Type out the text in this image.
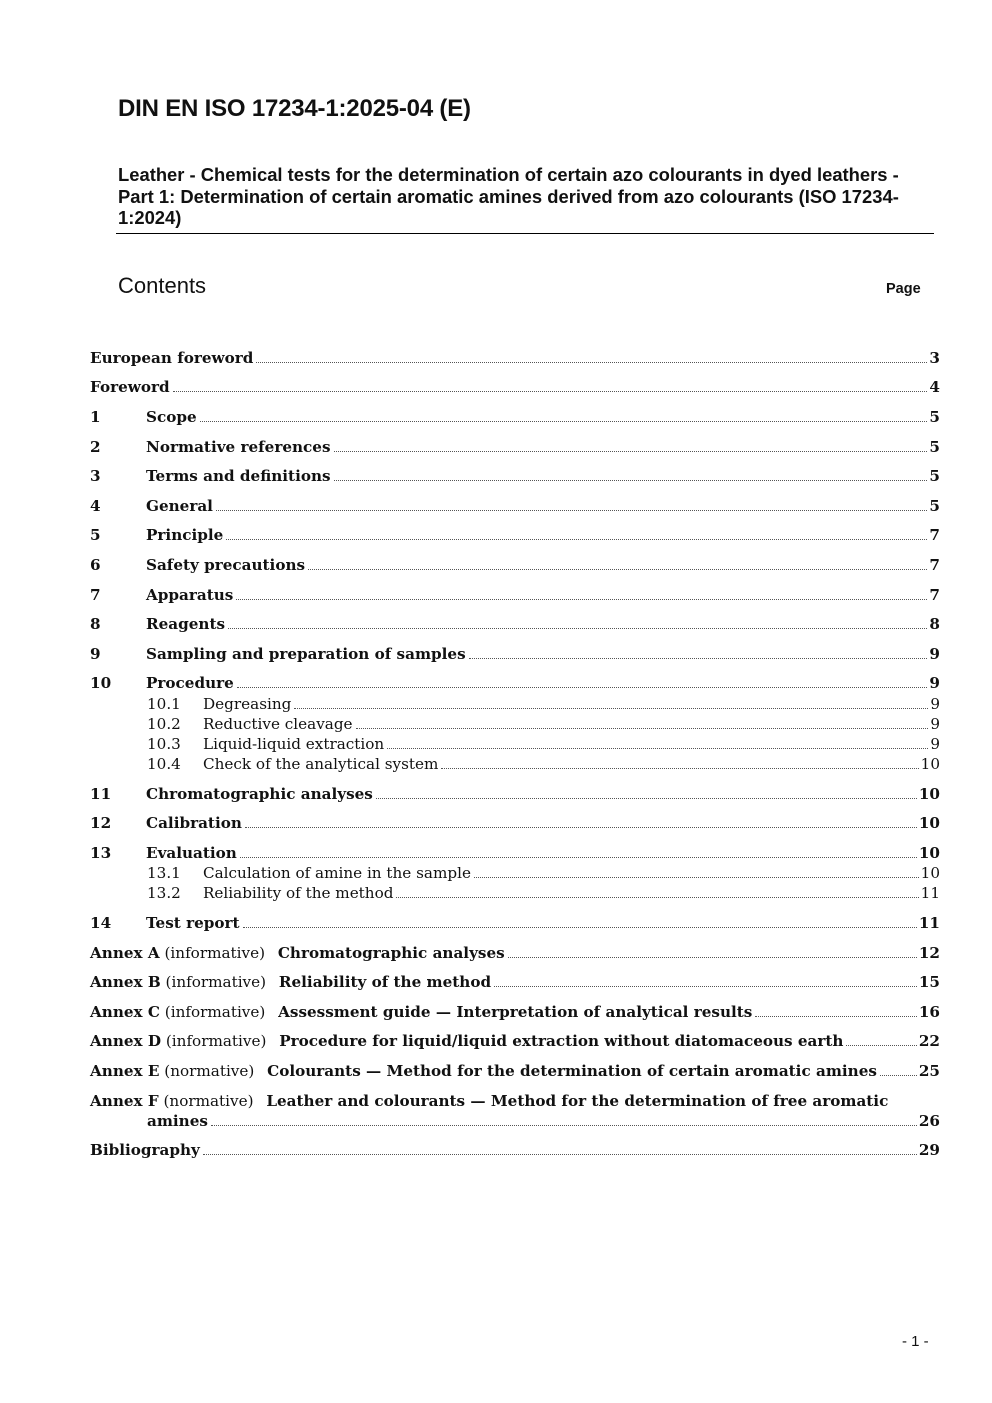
DIN EN ISO 17234-1:2025-04 (E)
Leather - Chemical tests for the determination of certain azo colourants in dyed leathers - Part 1: Determination of certain aromatic amines derived from azo colourants (ISO 17234-1:2024)
Contents	Page
European foreword	3
Foreword	4
1	Scope	5
2	Normative references	5
3	Terms and definitions	5
4	General	5
5	Principle	7
6	Safety precautions	7
7	Apparatus	7
8	Reagents	8
9	Sampling and preparation of samples	9
10	Procedure	9
10.1	Degreasing	9
10.2	Reductive cleavage	9
10.3	Liquid-liquid extraction	9
10.4	Check of the analytical system	10
11	Chromatographic analyses	10
12	Calibration	10
13	Evaluation	10
13.1	Calculation of amine in the sample	10
13.2	Reliability of the method	11
14	Test report	11
Annex A (informative) Chromatographic analyses	12
Annex B (informative) Reliability of the method	15
Annex C (informative) Assessment guide — Interpretation of analytical results	16
Annex D (informative) Procedure for liquid/liquid extraction without diatomaceous earth	22
Annex E (normative) Colourants — Method for the determination of certain aromatic amines	25
Annex F (normative) Leather and colourants — Method for the determination of free aromatic
amines	26
Bibliography	29
- 1 -
